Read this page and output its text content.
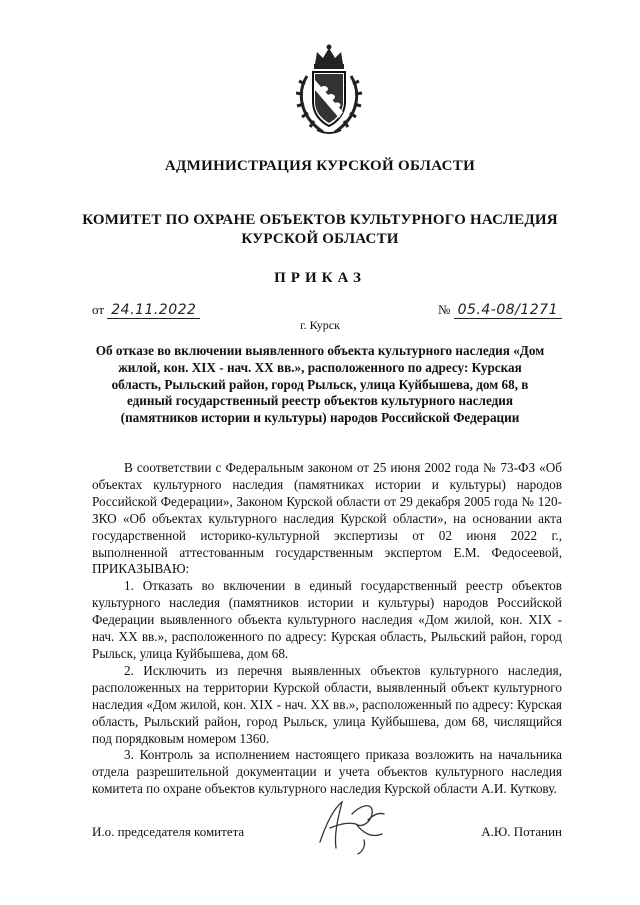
АДМИНИСТРАЦИЯ КУРСКОЙ ОБЛАСТИ
КОМИТЕТ ПО ОХРАНЕ ОБЪЕКТОВ КУЛЬТУРНОГО НАСЛЕДИЯ
КУРСКОЙ ОБЛАСТИ
ПРИКАЗ
от 24.11.2022	№ 05.4-08/1271
г. Курск
Об отказе во включении выявленного объекта культурного наследия «Дом жилой, кон. XIX - нач. XX вв.», расположенного по адресу: Курская область, Рыльский район, город Рыльск, улица Куйбышева, дом 68, в единый государственный реестр объектов культурного наследия (памятников истории и культуры) народов Российской Федерации

В соответствии с Федеральным законом от 25 июня 2002 года № 73-ФЗ «Об объектах культурного наследия (памятниках истории и культуры) народов Российской Федерации», Законом Курской области от 29 декабря 2005 года № 120-ЗКО «Об объектах культурного наследия Курской области», на основании акта государственной историко-культурной экспертизы от 02 июня 2022 г., выполненной аттестованным государственным экспертом Е.М. Федосеевой, ПРИКАЗЫВАЮ:

1. Отказать во включении в единый государственный реестр объектов культурного наследия (памятников истории и культуры) народов Российской Федерации выявленного объекта культурного наследия «Дом жилой, кон. XIX - нач. XX вв.», расположенного по адресу: Курская область, Рыльский район, город Рыльск, улица Куйбышева, дом 68.

2. Исключить из перечня выявленных объектов культурного наследия, расположенных на территории Курской области, выявленный объект культурного наследия «Дом жилой, кон. XIX - нач. XX вв.», расположенный по адресу: Курская область, Рыльский район, город Рыльск, улица Куйбышева, дом 68, числящийся под порядковым номером 1360.

3. Контроль за исполнением настоящего приказа возложить на начальника отдела разрешительной документации и учета объектов культурного наследия комитета по охране объектов культурного наследия Курской области А.И. Куткову.

И.о. председателя комитета	А.Ю. Потанин
